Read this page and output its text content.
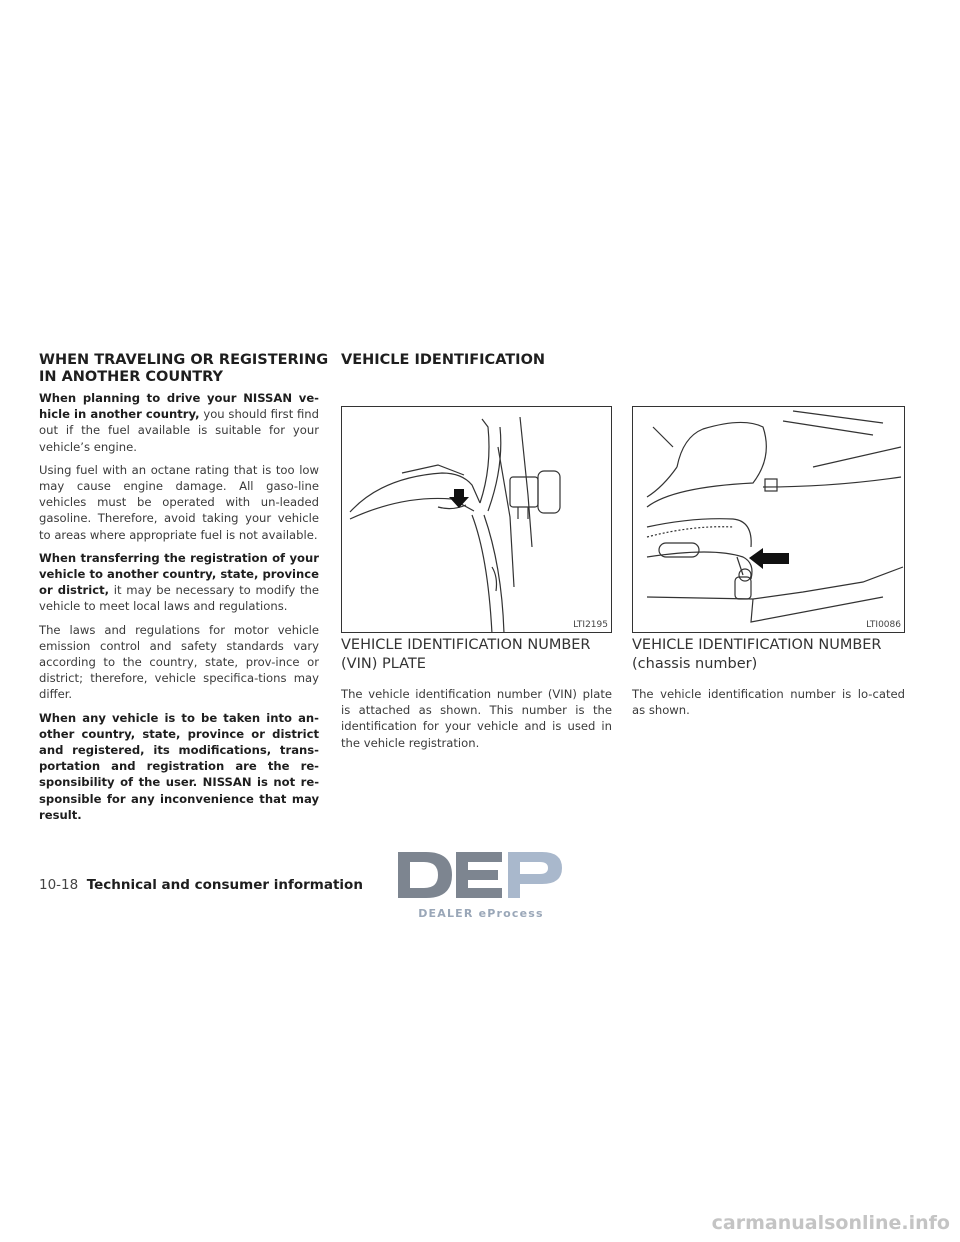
WHEN TRAVELING OR REGISTERING IN ANOTHER COUNTRY
VEHICLE IDENTIFICATION

When planning to drive your NISSAN ve-hicle in another country, you should first find out if the fuel available is suitable for your vehicle’s engine.

Using fuel with an octane rating that is too low may cause engine damage. All gaso-line vehicles must be operated with un-leaded gasoline. Therefore, avoid taking your vehicle to areas where appropriate fuel is not available.

When transferring the registration of your vehicle to another country, state, province or district, it may be necessary to modify the vehicle to meet local laws and regulations.

The laws and regulations for motor vehicle emission control and safety standards vary according to the country, state, prov-ince or district; therefore, vehicle specifica-tions may differ.

When any vehicle is to be taken into an-other country, state, province or district and registered, its modifications, trans-portation and registration are the re-sponsibility of the user. NISSAN is not re-sponsible for any inconvenience that may result.

LTI2195	LTI0086
VEHICLE IDENTIFICATION NUMBER (VIN) PLATE

The vehicle identification number (VIN) plate is attached as shown. This number is the identification for your vehicle and is used in the vehicle registration.

VEHICLE IDENTIFICATION NUMBER (chassis number)

The vehicle identification number is lo-cated as shown.

10-18 Technical and consumer information
DEALER eProcess
carmanualsonline.info
